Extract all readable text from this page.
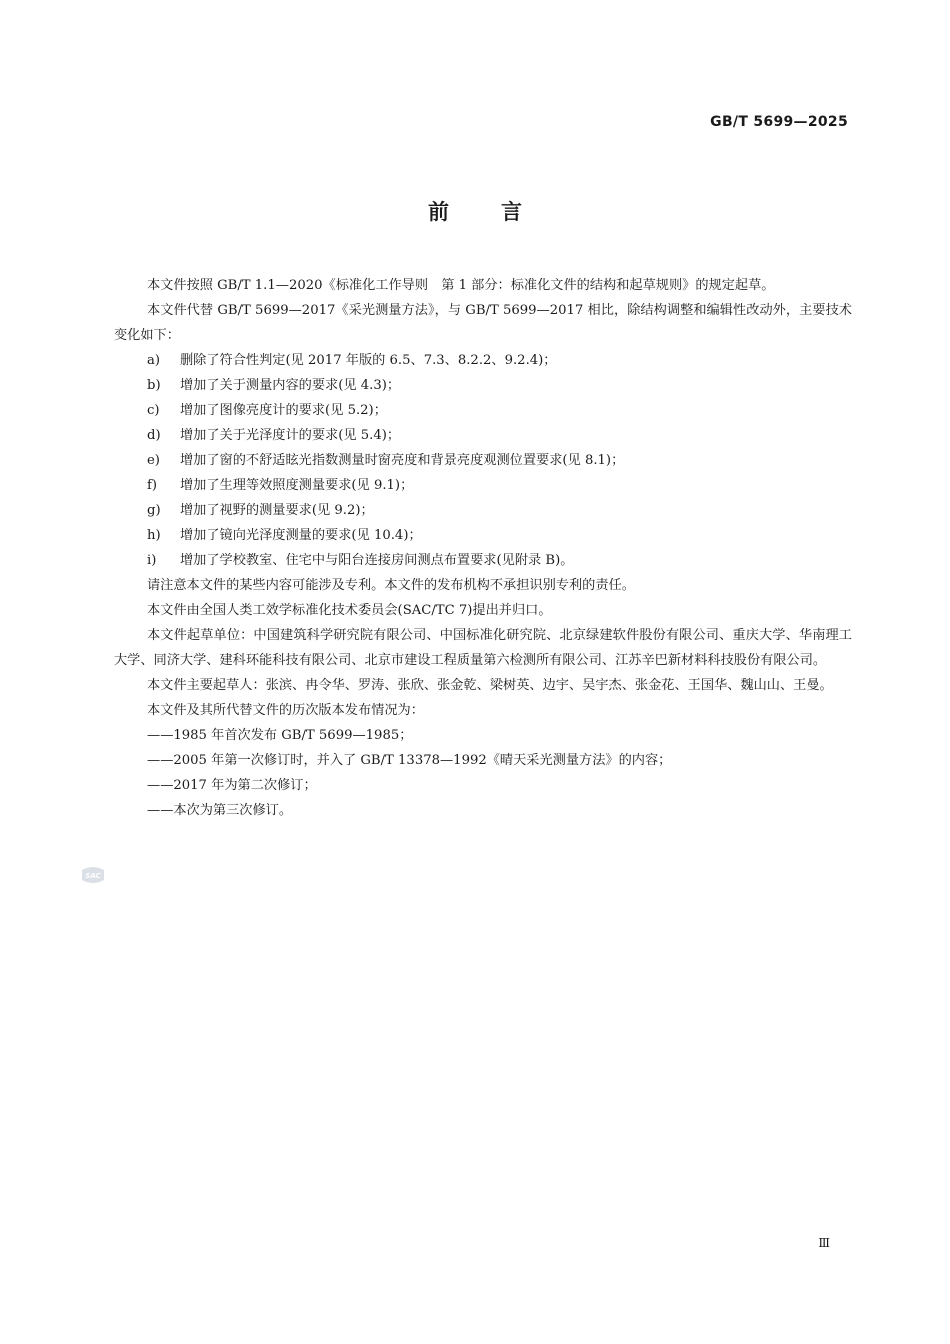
GB/T 5699—2025
前言

本文件按照 GB/T 1.1—2020《标准化工作导则　第 1 部分：标准化文件的结构和起草规则》的规定起草。

本文件代替 GB/T 5699—2017《采光测量方法》，与 GB/T 5699—2017 相比，除结构调整和编辑性改动外，主要技术变化如下：

a) 删除了符合性判定(见 2017 年版的 6.5、7.3、8.2.2、9.2.4)；

b) 增加了关于测量内容的要求(见 4.3)；

c) 增加了图像亮度计的要求(见 5.2)；

d) 增加了关于光泽度计的要求(见 5.4)；

e) 增加了窗的不舒适眩光指数测量时窗亮度和背景亮度观测位置要求(见 8.1)；

f) 增加了生理等效照度测量要求(见 9.1)；

g) 增加了视野的测量要求(见 9.2)；

h) 增加了镜向光泽度测量的要求(见 10.4)；

i) 增加了学校教室、住宅中与阳台连接房间测点布置要求(见附录 B)。

请注意本文件的某些内容可能涉及专利。本文件的发布机构不承担识别专利的责任。

本文件由全国人类工效学标准化技术委员会(SAC/TC 7)提出并归口。

本文件起草单位：中国建筑科学研究院有限公司、中国标准化研究院、北京绿建软件股份有限公司、重庆大学、华南理工大学、同济大学、建科环能科技有限公司、北京市建设工程质量第六检测所有限公司、江苏辛巴新材料科技股份有限公司。

本文件主要起草人：张滨、冉令华、罗涛、张欣、张金乾、梁树英、边宇、吴宇杰、张金花、王国华、魏山山、王曼。

本文件及其所代替文件的历次版本发布情况为：

——1985 年首次发布 GB/T 5699—1985；

——2005 年第一次修订时，并入了 GB/T 13378—1992《晴天采光测量方法》的内容；

——2017 年为第二次修订；

——本次为第三次修订。

SAC
Ⅲ
